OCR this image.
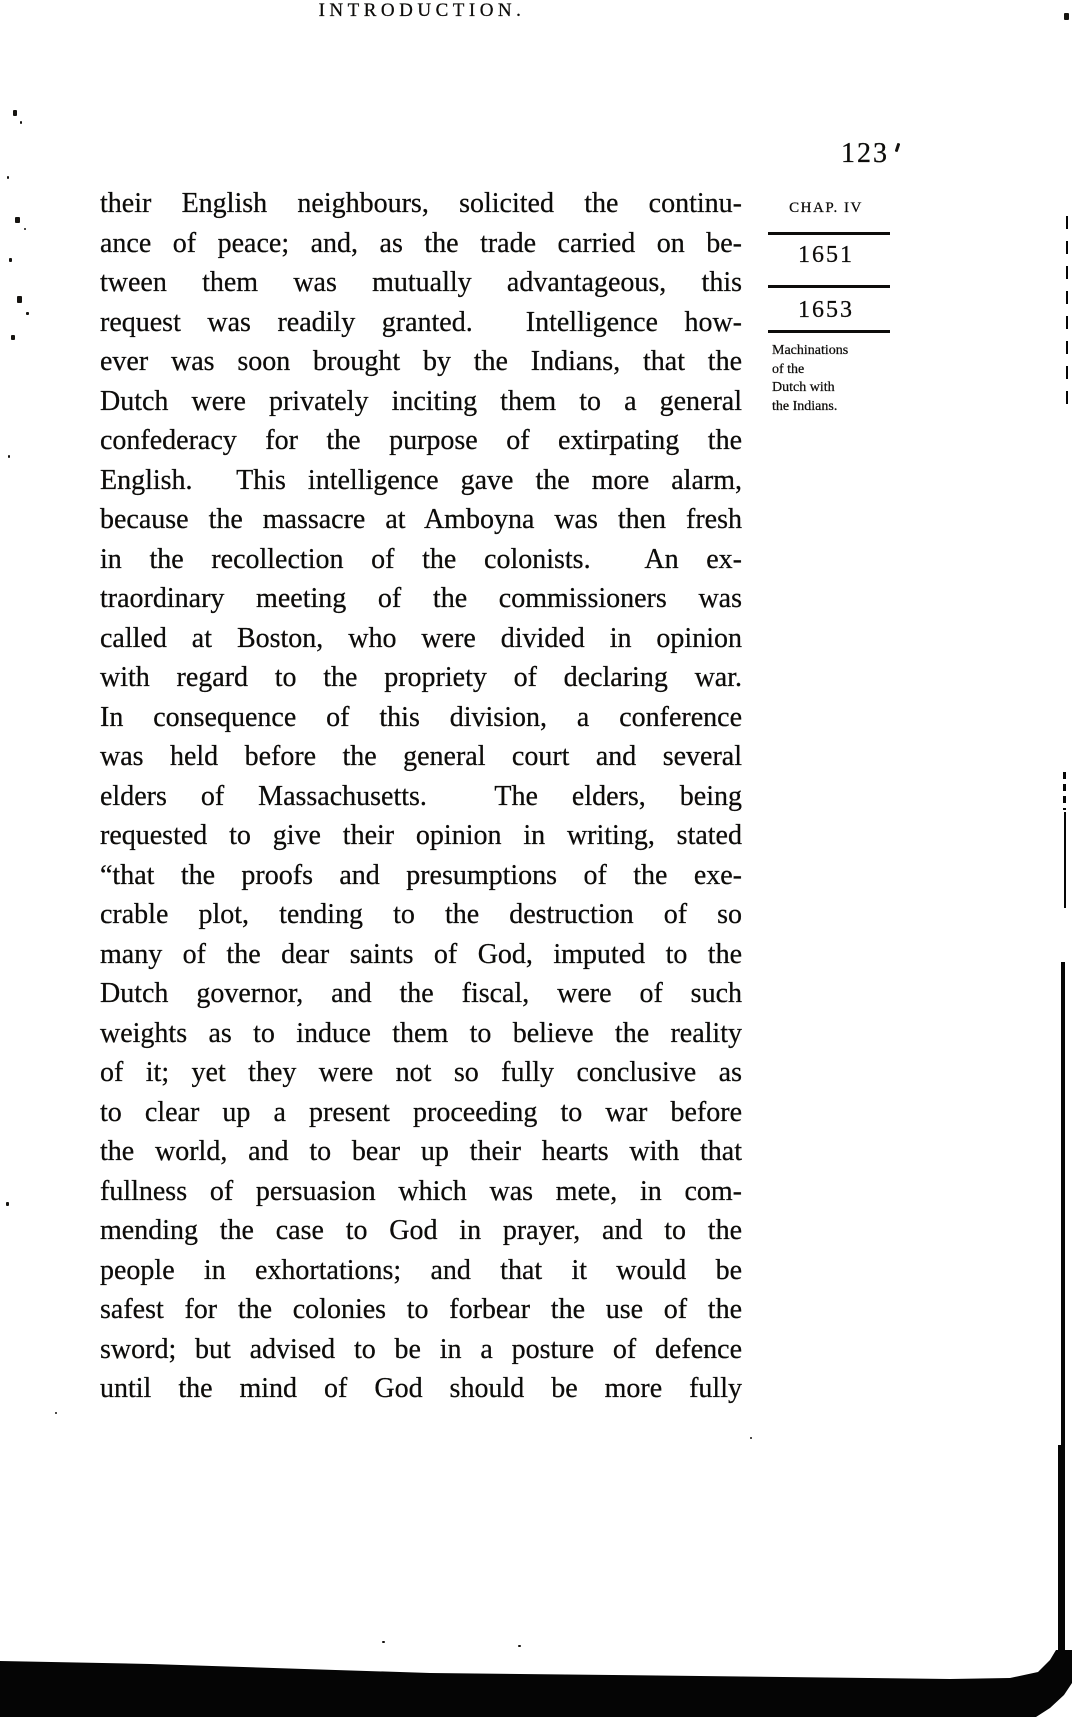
INTRODUCTION.
123
their English neighbours, solicited the continu-
ance of peace; and, as the trade carried on be-
tween them was mutually advantageous, this
request was readily granted.  Intelligence how-
ever was soon brought by the Indians, that the
Dutch were privately inciting them to a general
confederacy for the purpose of extirpating the
English.  This intelligence gave the more alarm,
because the massacre at Amboyna was then fresh
in the recollection of the colonists.  An ex-
traordinary meeting of the commissioners was
called at Boston, who were divided in opinion
with regard to the propriety of declaring war.
In consequence of this division, a conference
was held before the general court and several
elders of Massachusetts.  The elders, being
requested to give their opinion in writing, stated
“that the proofs and presumptions of the exe-
crable plot, tending to the destruction of so
many of the dear saints of God, imputed to the
Dutch governor, and the fiscal, were of such
weights as to induce them to believe the reality
of it; yet they were not so fully conclusive as
to clear up a present proceeding to war before
the world, and to bear up their hearts with that
fullness of persuasion which was mete, in com-
mending the case to God in prayer, and to the
people in exhortations; and that it would be
safest for the colonies to forbear the use of the
sword; but advised to be in a posture of defence
until the mind of God should be more fully
CHAP. IV
1651
1653
Machinations
of the
Dutch with
the Indians.
